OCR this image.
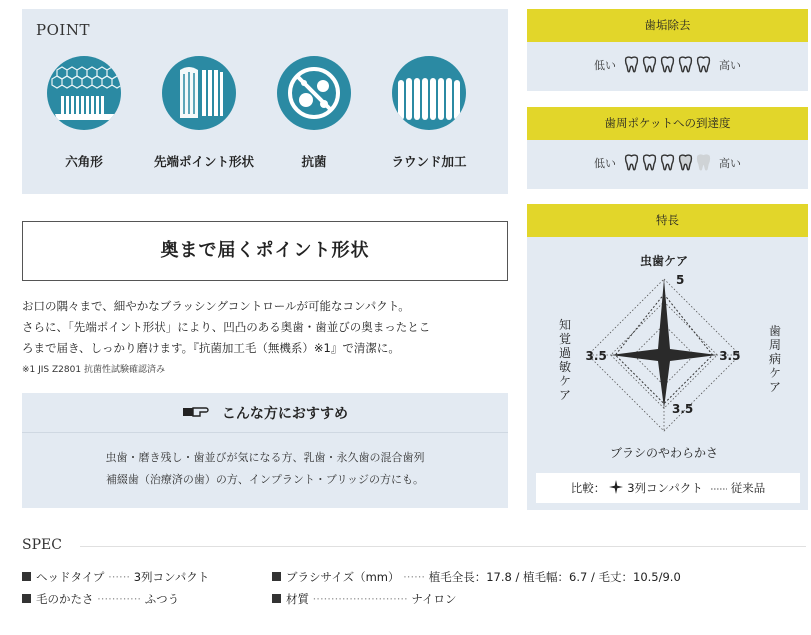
POINT
六角形	先端ポイント形状	抗菌	ラウンド加工
奥まで届くポイント形状
お口の隅々まで、細やかなブラッシングコントロールが可能なコンパクト。
さらに、「先端ポイント形状」により、凹凸のある奥歯・歯並びの奥まったとこ
ろまで届き、しっかり磨けます。『抗菌加工毛（無機系）※1』で清潔に。
※1 JIS Z2801 抗菌性試験確認済み
こんな方におすすめ
虫歯・磨き残し・歯並びが気になる方、乳歯・永久歯の混合歯列
補綴歯（治療済の歯）の方、インプラント・ブリッジの方にも。
歯垢除去
低い	高い
歯周ポケットへの到達度
低い	高い
特長
5
3.5
3.5
3.5
虫歯ケア
ブラシのやわらかさ
知
覚
過
敏
ケ
ア
歯
周
病
ケ
ア
比較： 3列コンパクト 従来品
SPEC
ヘッドタイプ ······ 3列コンパクト	ブラシサイズ（mm） ······ 植毛全長：17.8 / 植毛幅：6.7 / 毛丈：10.5/9.0
毛のかたさ ············ ふつう	材質 ·························· ナイロン
